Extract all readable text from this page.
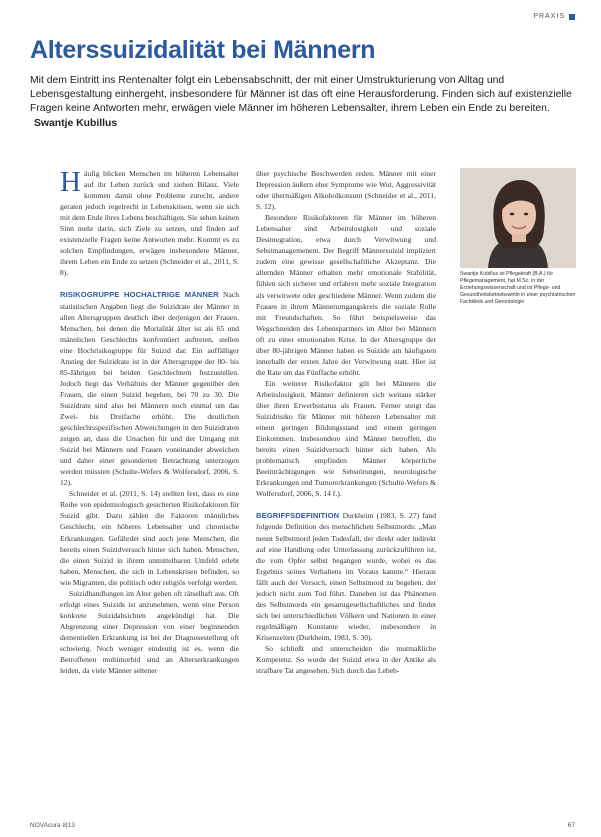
PRAXIS
Alterssuizidalität bei Männern

Mit dem Eintritt ins Rentenalter folgt ein Lebensabschnitt, der mit einer Umstrukturierung von Alltag und Lebensgestaltung einhergeht, insbesondere für Männer ist das oft eine Herausforderung. Finden sich auf existenzielle Fragen keine Antworten mehr, erwägen viele Männer im höheren Lebensalter, ihrem Leben ein Ende zu bereiten. Swantje Kubillus

H äufig blicken Menschen im höheren Lebensalter auf ihr Leben zurück und ziehen Bilanz. Viele kommen damit ohne Probleme zurecht, andere geraten jedoch regelrecht in Lebenskrisen, wenn sie sich mit dem Ende ihres Lebens beschäftigen. Sie sehen keinen Sinn mehr darin, sich Ziele zu setzen, und finden auf existenzielle Fragen keine Antworten mehr. Kommt es zu solchen Empfindungen, erwägen insbesondere Männer, ihrem Leben ein Ende zu setzen (Schneider et al., 2011, S. 8).

RISIKOGRUPPE HOCHALTRIGE MÄNNER Nach statistischen Angaben liegt die Suizidrate der Männer in allen Altersgruppen deutlich über derjenigen der Frauen. Menschen, bei denen die Mortalität älter ist als 65 und männlichen Geschlechts konfrontiert auftreten, stellen eine Hochrisikogruppe für Suizid dar. Ein auffälliger Anstieg der Suizidrate ist in der Altersgruppe der 80- bis 85-Jährigen bei beiden Geschlechtern festzustellen. Jedoch liegt das Verhältnis der Männer gegenüber den Frauen, die einen Suizid begehen, bei 70 zu 30. Die Suizidrate sind also bei Männern noch einmal um das Zwei- bis Dreifache erhöht. Die deutlichen geschlechtsspezifischen Abweichungen in den Suizidraten zeigen an, dass die Ursachen für und der Umgang mit Suizid bei Männern und Frauen voneinander abweichen und daher einer gesonderten Betrachtung unterzogen werden müssten (Schulte-Wefers & Wolfersdorf, 2006, S. 12).

Schneider et al. (2011, S. 14) stellten fest, dass es eine Reihe von epidemiologisch gesicherten Risikofaktoren für Suizid gibt. Dazu zählen die Faktoren männliches Geschlecht, ein höheres Lebensalter und chronische Erkrankungen. Gefährdet sind auch jene Menschen, die bereits einen Suizidversuch hinter sich haben. Menschen, die einen Suizid in ihrem unmittelbaren Umfeld erlebt haben, Menschen, die sich in Lebenskrisen befinden, so wie Migranten, die politisch oder religiös verfolgt werden.

Suizidhandlungen im Alter gehen oft rätselhaft aus. Oft erfolgt eines Suizids ist anzunehmen, wenn eine Person konkrete Suizidabsichten angekündigt hat. Die Abgrenzung einer Depression von einer beginnenden dementiellen Erkrankung ist bei der Diagnosestellung oft schwierig. Noch weniger eindeutig ist es, wenn die Betroffenen multimorbid sind an Alterserkrankungen leiden, da viele Männer seltener

über psychische Beschwerden reden. Männer mit einer Depression äußern eher Symptome wie Wut, Aggressivität oder übermäßigen Alkoholkonsum (Schneider et al., 2011, S. 12).

Besondere Risikofaktoren für Männer im höheren Lebensalter sind Arbeitslosigkeit und soziale Desintegration, etwa durch Verwitwung und Sebstmanagemenent. Der Begriff Männersuizid impliziert zudem eine gewisse gesellschaftliche Akzeptanz. Die alternden Männer erhalten mehr emotionale Stabilität, fühlen sich sicherer und erfahren mehr soziale Integration als verwitwete oder geschiedene Männer. Wenn zudem die Frauen in ihrem Männerumgangskreis die soziale Rolle mit Freundschaften. So führt beispielsweise das Wegschneiden des Lebenspartners im Alter bei Männern oft zu einer emotionalen Krise. In der Altersgruppe der über 80-jährigen Männer haben es Suizide am häufigsten innerhalb der ersten Jahre der Verwitwung statt. Hier ist die Rate um das Fünffache erhöht.

Ein weiterer Risikofaktor gilt bei Männern die Arbeitslosigkeit. Männer definieren sich weitaus stärker über ihren Erwerbsstatus als Frauen. Ferner steigt das Suizidrisiko für Männer mit höheren Lebensalter mit einem geringen Bildungsstand und einem geringen Einkommen. Insbesondere sind Männer betroffen, die bereits einen Suizidversuch hinter sich haben. Als problematisch empfinden Männer körperliche Beeinträchtigungen wie Sehstörungen, neurologische Erkrankungen und Tumorerkrankungen (Schulte-Wefers & Wolfersdorf, 2006, S. 14 f.).

BEGRIFFSDEFINITION Durkheim (1983, S. 27) fand folgende Definition des menschlichen Selbstmords: „Man nennt Selbstmord jeden Todesfall, der direkt oder indirekt auf eine Handlung oder Unterlassung zurückzuführen ist, die vom Opfer selbst begangen wurde, wobei es das Ergebnis seines Verhaltens im Voraus kannte.“ Hieraus fällt auch der Versuch, einen Selbstmord zu begehen, der jedoch nicht zum Tod führt. Daneben ist das Phänomen des Selbstmords ein gesamtgesellschaftliches und findet sich bei unterschiedlichen Völkern und Nationen in einer regelmäßigen Konstante wieder, insbesondere in Krisenzeiten (Durkheim, 1983, S. 30).

So schließt und unterscheiden die mutmaßliche Kompetenz. So wurde der Suizid etwa in der Antike als strafbare Tat angesehen. Sich durch das Lebeh-

Swantje Kubillus ist Pflegekraft (B.A.) für Pflegemanagement, hat M.Sc. in der Erziehungswissenschaft und ist Pflege- und Gesundheitsbetriebswirtin in einer psychiatrischen Fachklinik und Gerontologin

NOVAcura 8|13	67
